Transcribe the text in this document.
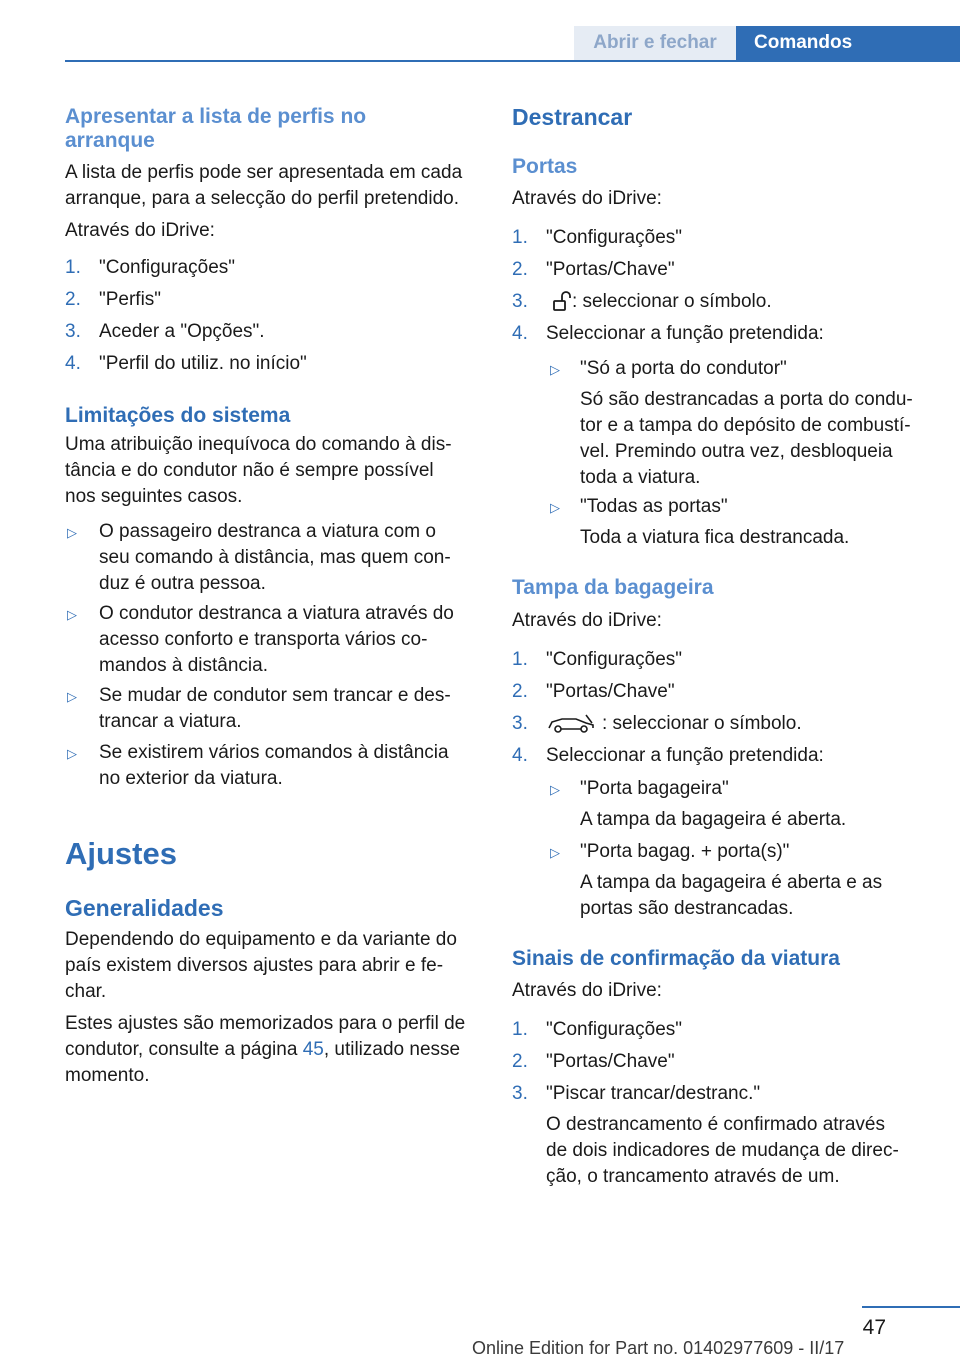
Abrir e fechar	Comandos
Apresentar a lista de perfis no
arranque
A lista de perfis pode ser apresentada em cada
arranque, para a selecção do perfil pretendido.
Através do iDrive:
1. "Configurações"
2. "Perfis"
3. Aceder a "Opções".
4. "Perfil do utiliz. no início"
Limitações do sistema
Uma atribuição inequívoca do comando à dis-
tância e do condutor não é sempre possível
nos seguintes casos.
▷ O passageiro destranca a viatura com o
seu comando à distância, mas quem con-
duz é outra pessoa.
▷ O condutor destranca a viatura através do
acesso conforto e transporta vários co-
mandos à distância.
▷ Se mudar de condutor sem trancar e des-
trancar a viatura.
▷ Se existirem vários comandos à distância
no exterior da viatura.
Ajustes
Generalidades
Dependendo do equipamento e da variante do
país existem diversos ajustes para abrir e fe-
char.
Estes ajustes são memorizados para o perfil de
condutor, consulte a página 45, utilizado nesse
momento.
Destrancar
Portas
Através do iDrive:
1. "Configurações"
2. "Portas/Chave"
3. : seleccionar o símbolo.
4. Seleccionar a função pretendida:
▷ "Só a porta do condutor"
Só são destrancadas a porta do condu-
tor e a tampa do depósito de combustí-
vel. Premindo outra vez, desbloqueia
toda a viatura.
▷ "Todas as portas"
Toda a viatura fica destrancada.
Tampa da bagageira
Através do iDrive:
1. "Configurações"
2. "Portas/Chave"
3.	: seleccionar o símbolo.
4. Seleccionar a função pretendida:
▷ "Porta bagageira"
A tampa da bagageira é aberta.
▷ "Porta bagag. + porta(s)"
A tampa da bagageira é aberta e as
portas são destrancadas.
Sinais de confirmação da viatura
Através do iDrive:
1. "Configurações"
2. "Portas/Chave"
3. "Piscar trancar/destranc."
O destrancamento é confirmado através
de dois indicadores de mudança de direc-
ção, o trancamento através de um.
47
Online Edition for Part no. 01402977609 - II/17
